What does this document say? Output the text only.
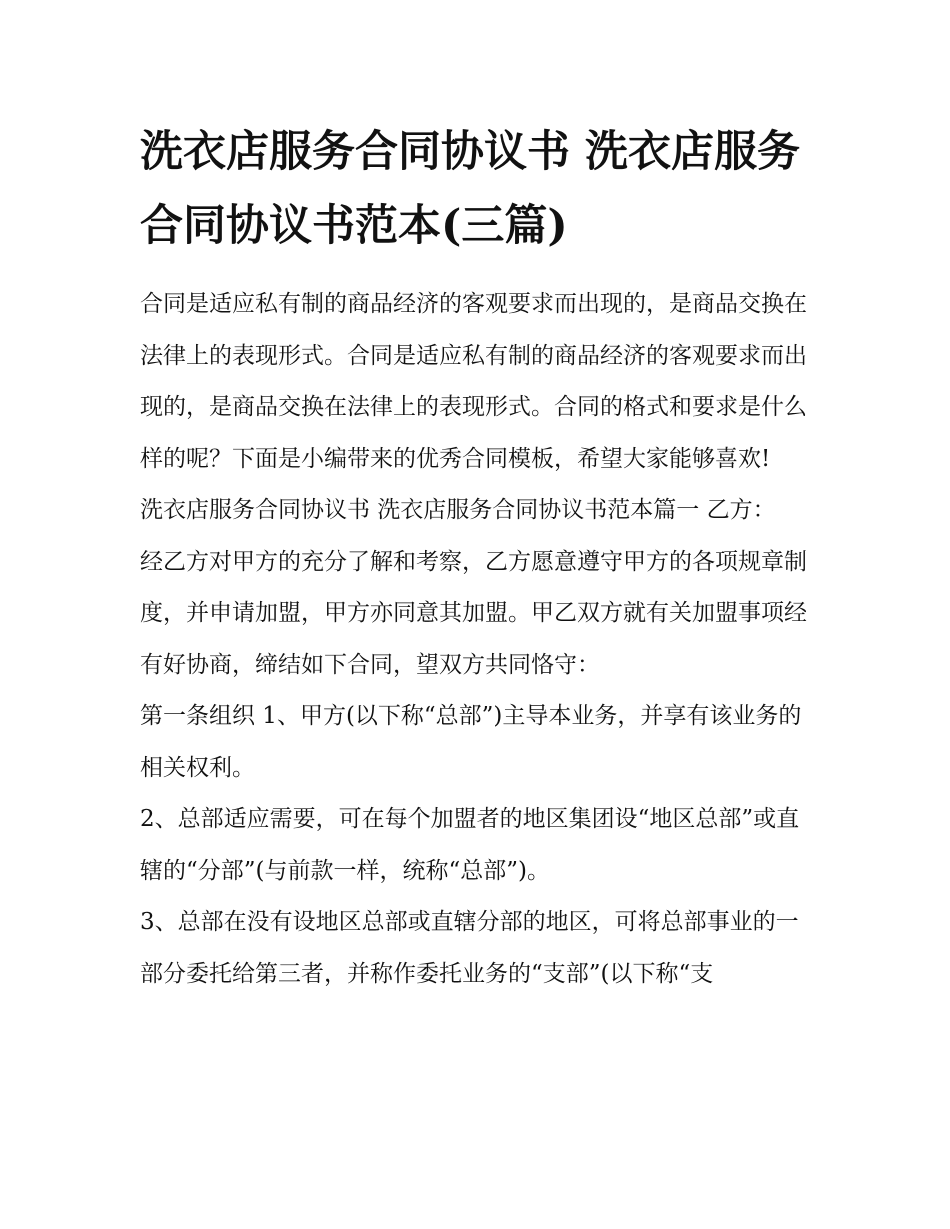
洗衣店服务合同协议书 洗衣店服务合同协议书范本(三篇)

合同是适应私有制的商品经济的客观要求而出现的，是商品交换在法律上的表现形式。合同是适应私有制的商品经济的客观要求而出现的，是商品交换在法律上的表现形式。合同的格式和要求是什么样的呢？下面是小编带来的优秀合同模板，希望大家能够喜欢!

洗衣店服务合同协议书 洗衣店服务合同协议书范本篇一 乙方：

经乙方对甲方的充分了解和考察，乙方愿意遵守甲方的各项规章制度，并申请加盟，甲方亦同意其加盟。甲乙双方就有关加盟事项经有好协商，缔结如下合同，望双方共同恪守：

第一条组织 1、甲方(以下称“总部”)主导本业务，并享有该业务的相关权利。

2、总部适应需要，可在每个加盟者的地区集团设“地区总部”或直辖的“分部”(与前款一样，统称“总部”)。

3、总部在没有设地区总部或直辖分部的地区，可将总部事业的一部分委托给第三者，并称作委托业务的“支部”(以下称“支
